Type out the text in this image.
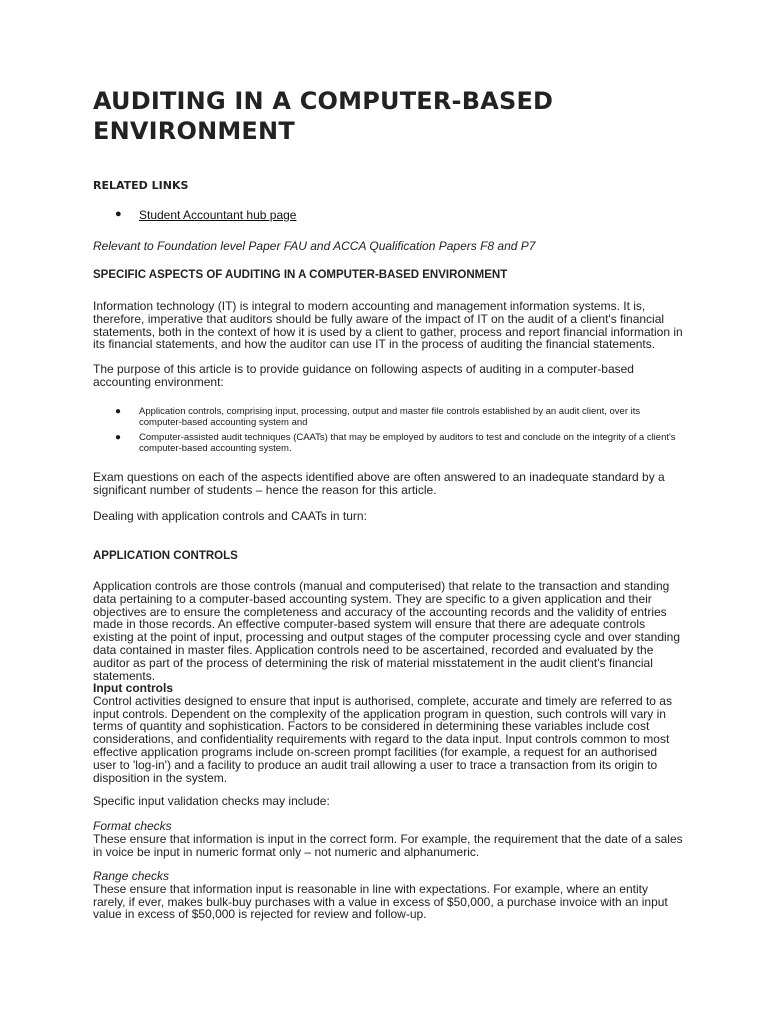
AUDITING IN A COMPUTER-BASED ENVIRONMENT
RELATED LINKS
● Student Accountant hub page

Relevant to Foundation level Paper FAU and ACCA Qualification Papers F8 and P7

SPECIFIC ASPECTS OF AUDITING IN A COMPUTER-BASED ENVIRONMENT

Information technology (IT) is integral to modern accounting and management information systems. It is, therefore, imperative that auditors should be fully aware of the impact of IT on the audit of a client's financial statements, both in the context of how it is used by a client to gather, process and report financial information in its financial statements, and how the auditor can use IT in the process of auditing the financial statements.

The purpose of this article is to provide guidance on following aspects of auditing in a computer-based accounting environment:

● Application controls, comprising input, processing, output and master file controls established by an audit client, over its computer-based accounting system and
● Computer-assisted audit techniques (CAATs) that may be employed by auditors to test and conclude on the integrity of a client's computer-based accounting system.

Exam questions on each of the aspects identified above are often answered to an inadequate standard by a significant number of students – hence the reason for this article.

Dealing with application controls and CAATs in turn:

APPLICATION CONTROLS

Application controls are those controls (manual and computerised) that relate to the transaction and standing data pertaining to a computer-based accounting system. They are specific to a given application and their objectives are to ensure the completeness and accuracy of the accounting records and the validity of entries made in those records. An effective computer-based system will ensure that there are adequate controls existing at the point of input, processing and output stages of the computer processing cycle and over standing data contained in master files. Application controls need to be ascertained, recorded and evaluated by the auditor as part of the process of determining the risk of material misstatement in the audit client's financial statements.

Input controls
Control activities designed to ensure that input is authorised, complete, accurate and timely are referred to as input controls. Dependent on the complexity of the application program in question, such controls will vary in terms of quantity and sophistication. Factors to be considered in determining these variables include cost considerations, and confidentiality requirements with regard to the data input. Input controls common to most effective application programs include on-screen prompt facilities (for example, a request for an authorised user to 'log-in') and a facility to produce an audit trail allowing a user to trace a transaction from its origin to disposition in the system.

Specific input validation checks may include:

Format checks
These ensure that information is input in the correct form. For example, the requirement that the date of a sales in voice be input in numeric format only – not numeric and alphanumeric.
Range checks
These ensure that information input is reasonable in line with expectations. For example, where an entity rarely, if ever, makes bulk-buy purchases with a value in excess of $50,000, a purchase invoice with an input value in excess of $50,000 is rejected for review and follow-up.
